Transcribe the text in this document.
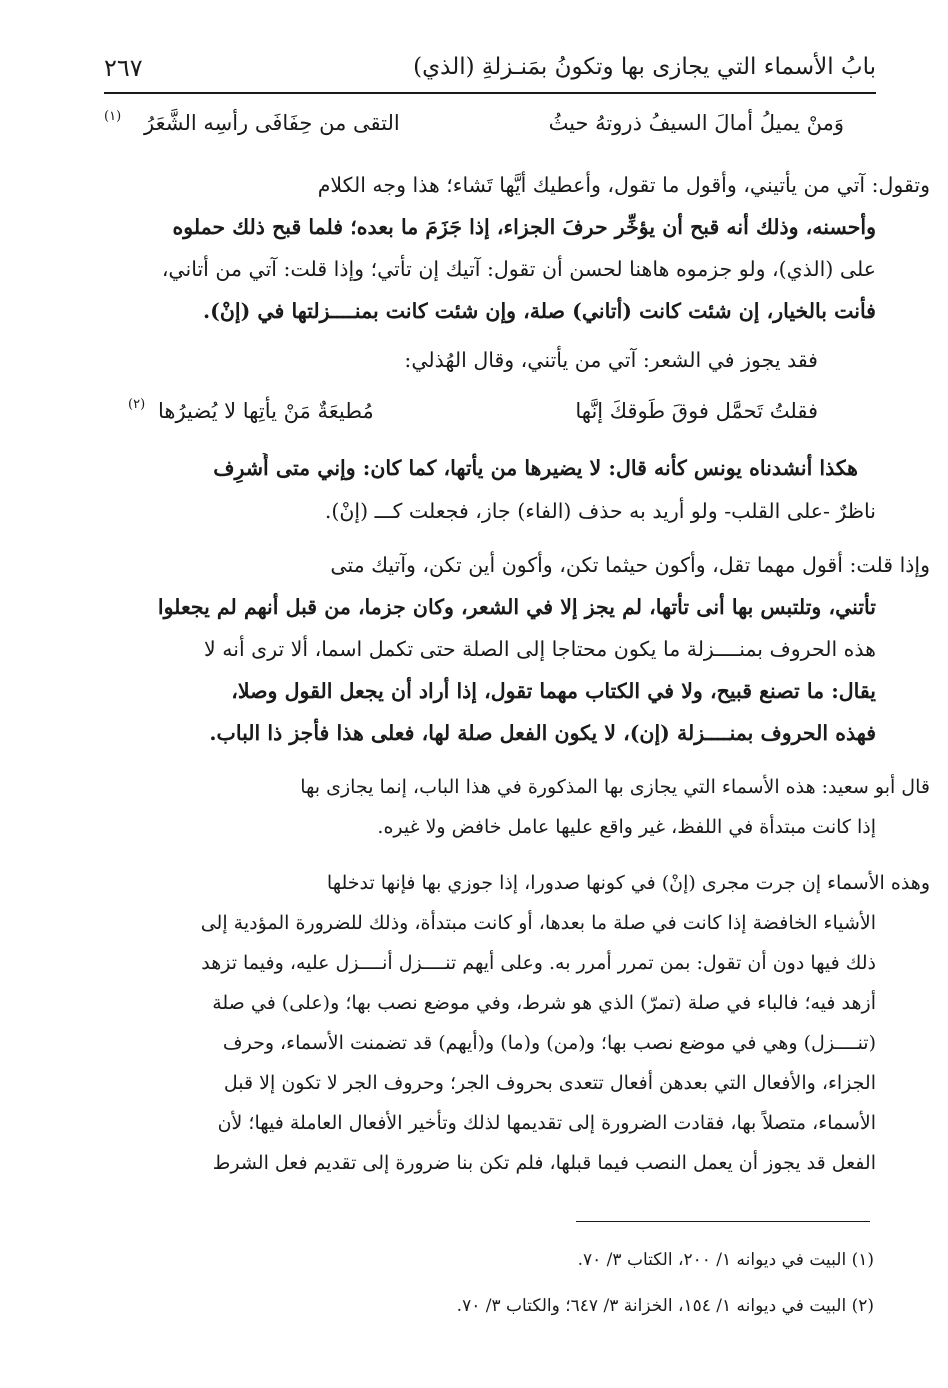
بابُ الأسماء التي يجازى بها وتكونُ بمَنـزلةِ (الذي)
٢٦٧
وَمنْ يميلُ أمالَ السيفُ ذروتهُ حيثُ
التقى من حِفَافَى رأسِه الشَّعَرُ
(١)
وتقول: آتي من يأتيني، وأقول ما تقول، وأعطيك أيَّها تَشاء؛ هذا وجه الكلام
وأحسنه، وذلك أنه قبح أن يؤخِّر حرفَ الجزاء، إذا جَزَمَ ما بعده؛ فلما قبح ذلك حملوه
على (الذي)، ولو جزموه هاهنا لحسن أن تقول: آتيك إن تأتي؛ وإذا قلت: آتي من أتاني،
فأنت بالخيار، إن شئت كانت (أتاني) صلة، وإن شئت كانت بمنــــزلتها في (إنْ).
فقد يجوز في الشعر: آتي من يأتني، وقال الهُذلي:
فقلتُ تَحمَّل فوقَ طَوقكَ إنَّها
مُطيعَةٌ مَنْ يأتِها لا يُضيرُها
(٢)
هكذا أنشدناه يونس كأنه قال: لا يضيرها من يأتها، كما كان: وإني متى أُشرِف
ناظرٌ -على القلب- ولو أريد به حذف (الفاء) جاز، فجعلت كـــ (إنْ).
وإذا قلت: أقول مهما تقل، وأكون حيثما تكن، وأكون أين تكن، وآتيك متى
تأتني، وتلتبس بها أنى تأتها، لم يجز إلا في الشعر، وكان جزما، من قبل أنهم لم يجعلوا
هذه الحروف بمنــــزلة ما يكون محتاجا إلى الصلة حتى تكمل اسما، ألا ترى أنه لا
يقال: ما تصنع قبيح، ولا في الكتاب مهما تقول، إذا أراد أن يجعل القول وصلا،
فهذه الحروف بمنــــزلة (إن)، لا يكون الفعل صلة لها، فعلى هذا فأجز ذا الباب.
قال أبو سعيد: هذه الأسماء التي يجازى بها المذكورة في هذا الباب، إنما يجازى بها
إذا كانت مبتدأة في اللفظ، غير واقع عليها عامل خافض ولا غيره.
وهذه الأسماء إن جرت مجرى (إنْ) في كونها صدورا، إذا جوزي بها فإنها تدخلها
الأشياء الخافضة إذا كانت في صلة ما بعدها، أو كانت مبتدأة، وذلك للضرورة المؤدية إلى
ذلك فيها دون أن تقول: بمن تمرر أمرر به. وعلى أيهم تنــــزل أنــــزل عليه، وفيما تزهد
أزهد فيه؛ فالباء في صلة (تمرّ) الذي هو شرط، وفي موضع نصب بها؛ و(على) في صلة
(تنــــزل) وهي في موضع نصب بها؛ و(من) و(ما) و(أيهم) قد تضمنت الأسماء، وحرف
الجزاء، والأفعال التي بعدهن أفعال تتعدى بحروف الجر؛ وحروف الجر لا تكون إلا قبل
الأسماء، متصلاً بها، فقادت الضرورة إلى تقديمها لذلك وتأخير الأفعال العاملة فيها؛ لأن
الفعل قد يجوز أن يعمل النصب فيما قبلها، فلم تكن بنا ضرورة إلى تقديم فعل الشرط
(١) البيت في ديوانه ١/ ٢٠٠، الكتاب ٣/ ٧٠.
(٢) البيت في ديوانه ١/ ١٥٤، الخزانة ٣/ ٦٤٧؛ والكتاب ٣/ ٧٠.
